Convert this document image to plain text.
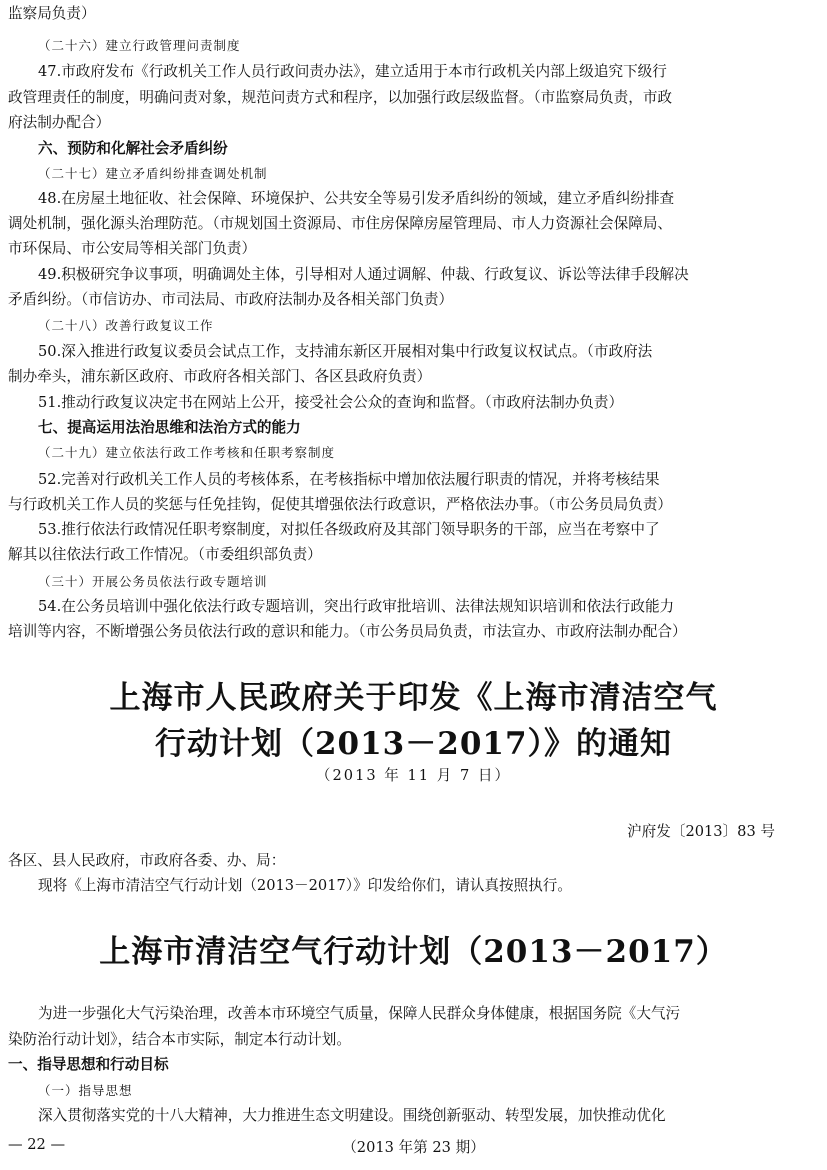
监察局负责）
（二十六）建立行政管理问责制度
47.市政府发布《行政机关工作人员行政问责办法》，建立适用于本市行政机关内部上级追究下级行
政管理责任的制度，明确问责对象，规范问责方式和程序，以加强行政层级监督。（市监察局负责，市政
府法制办配合）
六、预防和化解社会矛盾纠纷
（二十七）建立矛盾纠纷排查调处机制
48.在房屋土地征收、社会保障、环境保护、公共安全等易引发矛盾纠纷的领域，建立矛盾纠纷排查
调处机制，强化源头治理防范。（市规划国土资源局、市住房保障房屋管理局、市人力资源社会保障局、
市环保局、市公安局等相关部门负责）
49.积极研究争议事项，明确调处主体，引导相对人通过调解、仲裁、行政复议、诉讼等法律手段解决
矛盾纠纷。（市信访办、市司法局、市政府法制办及各相关部门负责）
（二十八）改善行政复议工作
50.深入推进行政复议委员会试点工作，支持浦东新区开展相对集中行政复议权试点。（市政府法
制办牵头，浦东新区政府、市政府各相关部门、各区县政府负责）
51.推动行政复议决定书在网站上公开，接受社会公众的查询和监督。（市政府法制办负责）
七、提高运用法治思维和法治方式的能力
（二十九）建立依法行政工作考核和任职考察制度
52.完善对行政机关工作人员的考核体系，在考核指标中增加依法履行职责的情况，并将考核结果
与行政机关工作人员的奖惩与任免挂钩，促使其增强依法行政意识，严格依法办事。（市公务员局负责）
53.推行依法行政情况任职考察制度，对拟任各级政府及其部门领导职务的干部，应当在考察中了
解其以往依法行政工作情况。（市委组织部负责）
（三十）开展公务员依法行政专题培训
54.在公务员培训中强化依法行政专题培训，突出行政审批培训、法律法规知识培训和依法行政能力
培训等内容，不断增强公务员依法行政的意识和能力。（市公务员局负责，市法宣办、市政府法制办配合）
上海市人民政府关于印发《上海市清洁空气
行动计划（2013－2017）》的通知
（2013 年 11 月 7 日）
沪府发〔2013〕83 号
各区、县人民政府，市政府各委、办、局：
现将《上海市清洁空气行动计划（2013－2017）》印发给你们，请认真按照执行。
上海市清洁空气行动计划（2013－2017）
为进一步强化大气污染治理，改善本市环境空气质量，保障人民群众身体健康，根据国务院《大气污
染防治行动计划》，结合本市实际，制定本行动计划。
一、指导思想和行动目标
（一）指导思想
深入贯彻落实党的十八大精神，大力推进生态文明建设。围绕创新驱动、转型发展，加快推动优化
— 22 —	（2013 年第 23 期）
